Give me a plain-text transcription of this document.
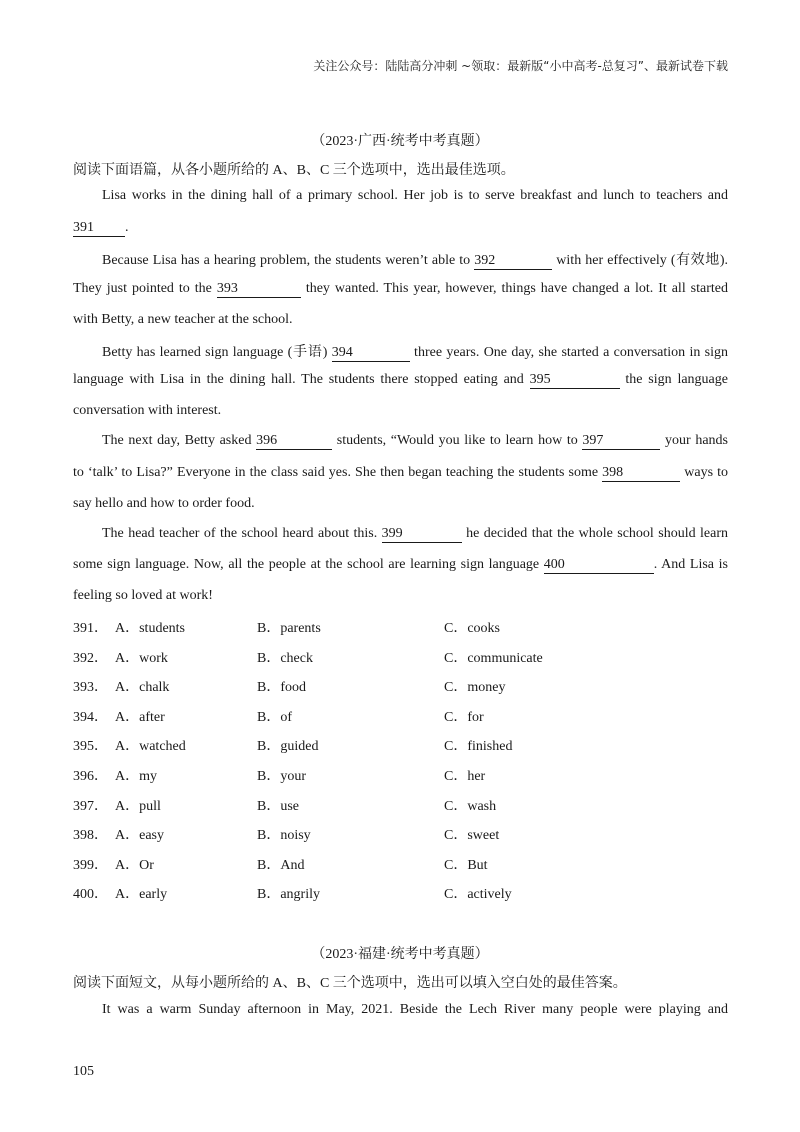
关注公众号：陆陆高分冲刺 ~领取：最新版“小中高考-总复习”、最新试卷下载
（2023·广西·统考中考真题）
阅读下面语篇，从各小题所给的 A、B、C 三个选项中，选出最佳选项。
Lisa works in the dining hall of a primary school. Her job is to serve breakfast and lunch to teachers and
391 .
Because Lisa has a hearing problem, the students weren’t able to 392	with her effectively (有效地).
They just pointed to the 393	they wanted. This year, however, things have changed a lot. It all started
with Betty, a new teacher at the school.
Betty has learned sign language (手语) 394	three years. One day, she started a conversation in sign
language with Lisa in the dining hall. The students there stopped eating and 395	the sign language
conversation with interest.
The next day, Betty asked 396	students, “Would you like to learn how to 397	your hands
to ‘talk’ to Lisa?” Everyone in the class said yes. She then began teaching the students some 398	ways to
say hello and how to order food.
The head teacher of the school heard about this. 399	he decided that the whole school should learn
some sign language. Now, all the people at the school are learning sign language 400	. And Lisa is
feeling so loved at work!
391． A．students	B．parents	C．cooks
392． A．work	B．check	C．communicate
393． A．chalk	B．food	C．money
394． A．after	B．of	C．for
395． A．watched	B．guided	C．finished
396． A．my	B．your	C．her
397． A．pull	B．use	C．wash
398． A．easy	B．noisy	C．sweet
399． A．Or	B．And	C．But
400． A．early	B．angrily	C．actively
（2023·福建·统考中考真题）
阅读下面短文，从每小题所给的 A、B、C 三个选项中，选出可以填入空白处的最佳答案。
It was a warm Sunday afternoon in May, 2021. Beside the Lech River many people were playing and
105
